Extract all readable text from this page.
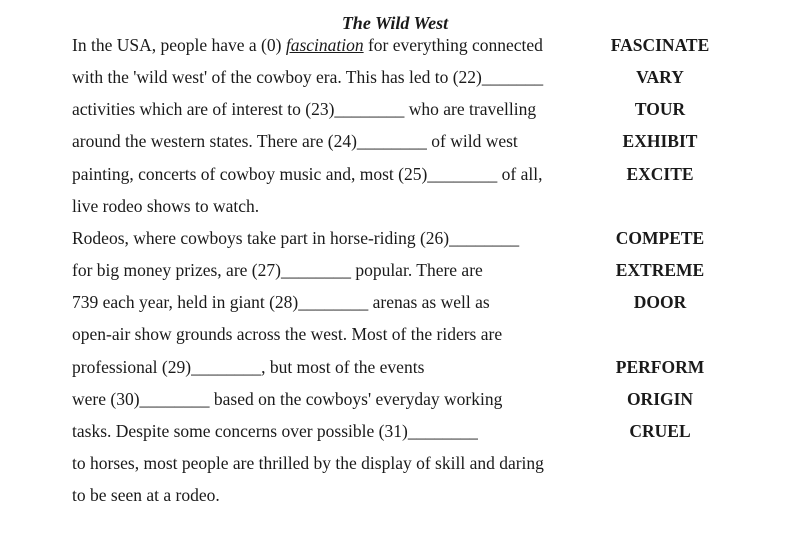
The Wild West
In the USA, people have a (0) fascination for everything connected
with the 'wild west' of the cowboy era. This has led to (22)_______
activities which are of interest to (23)________ who are travelling
around the western states. There are (24)________ of wild west
painting, concerts of cowboy music and, most (25)________ of all,
live rodeo shows to watch.
Rodeos, where cowboys take part in horse-riding (26)________
for big money prizes, are (27)________ popular. There are
739 each year, held in giant (28)________ arenas as well as
open-air show grounds across the west. Most of the riders are
professional (29)________, but most of the events
were (30)________ based on the cowboys' everyday working
tasks. Despite some concerns over possible (31)________
to horses, most people are thrilled by the display of skill and daring
to be seen at a rodeo.
FASCINATE
VARY
TOUR
EXHIBIT
EXCITE
COMPETE
EXTREME
DOOR
PERFORM
ORIGIN
CRUEL
